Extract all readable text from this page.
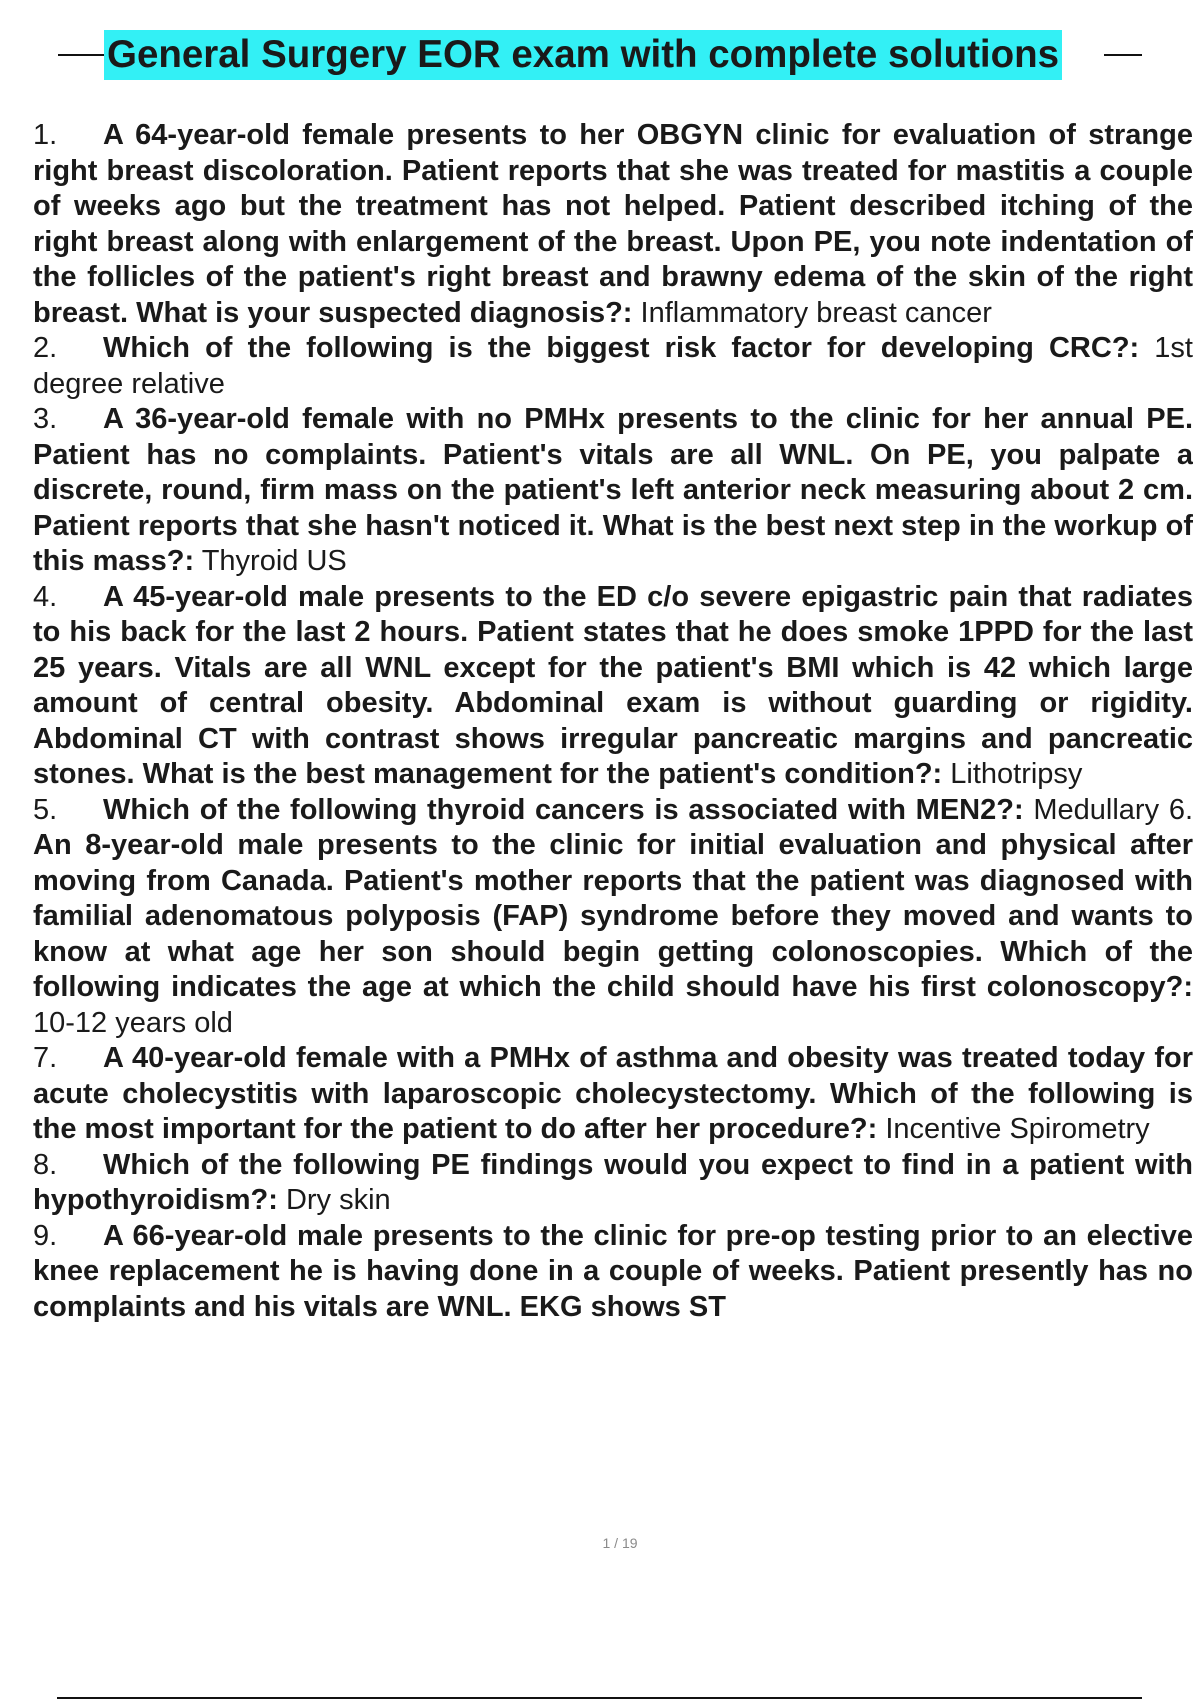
General Surgery EOR exam with complete solutions

1. A 64-year-old female presents to her OBGYN clinic for evaluation of strange right breast discoloration. Patient reports that she was treated for mastitis a couple of weeks ago but the treatment has not helped. Patient described itching of the right breast along with enlargement of the breast. Upon PE, you note indentation of the follicles of the patient's right breast and brawny edema of the skin of the right breast. What is your suspected diagnosis?: Inflammatory breast cancer

2. Which of the following is the biggest risk factor for developing CRC?: 1st degree relative

3. A 36-year-old female with no PMHx presents to the clinic for her annual PE. Patient has no complaints. Patient's vitals are all WNL. On PE, you palpate a discrete, round, firm mass on the patient's left anterior neck measuring about 2 cm. Patient reports that she hasn't noticed it. What is the best next step in the workup of this mass?: Thyroid US

4. A 45-year-old male presents to the ED c/o severe epigastric pain that radiates to his back for the last 2 hours. Patient states that he does smoke 1PPD for the last 25 years. Vitals are all WNL except for the patient's BMI which is 42 which large amount of central obesity. Abdominal exam is without guarding or rigidity. Abdominal CT with contrast shows irregular pancreatic margins and pancreatic stones. What is the best management for the patient's condition?: Lithotripsy

5. Which of the following thyroid cancers is associated with MEN2?: Medullary 6. An 8-year-old male presents to the clinic for initial evaluation and physical after moving from Canada. Patient's mother reports that the patient was diagnosed with familial adenomatous polyposis (FAP) syndrome before they moved and wants to know at what age her son should begin getting colonoscopies. Which of the following indicates the age at which the child should have his first colonoscopy?: 10-12 years old

7. A 40-year-old female with a PMHx of asthma and obesity was treated today for acute cholecystitis with laparoscopic cholecystectomy. Which of the following is the most important for the patient to do after her procedure?: Incentive Spirometry

8. Which of the following PE findings would you expect to find in a patient with hypothyroidism?: Dry skin

9. A 66-year-old male presents to the clinic for pre-op testing prior to an elective knee replacement he is having done in a couple of weeks. Patient presently has no complaints and his vitals are WNL. EKG shows ST

1 / 19
